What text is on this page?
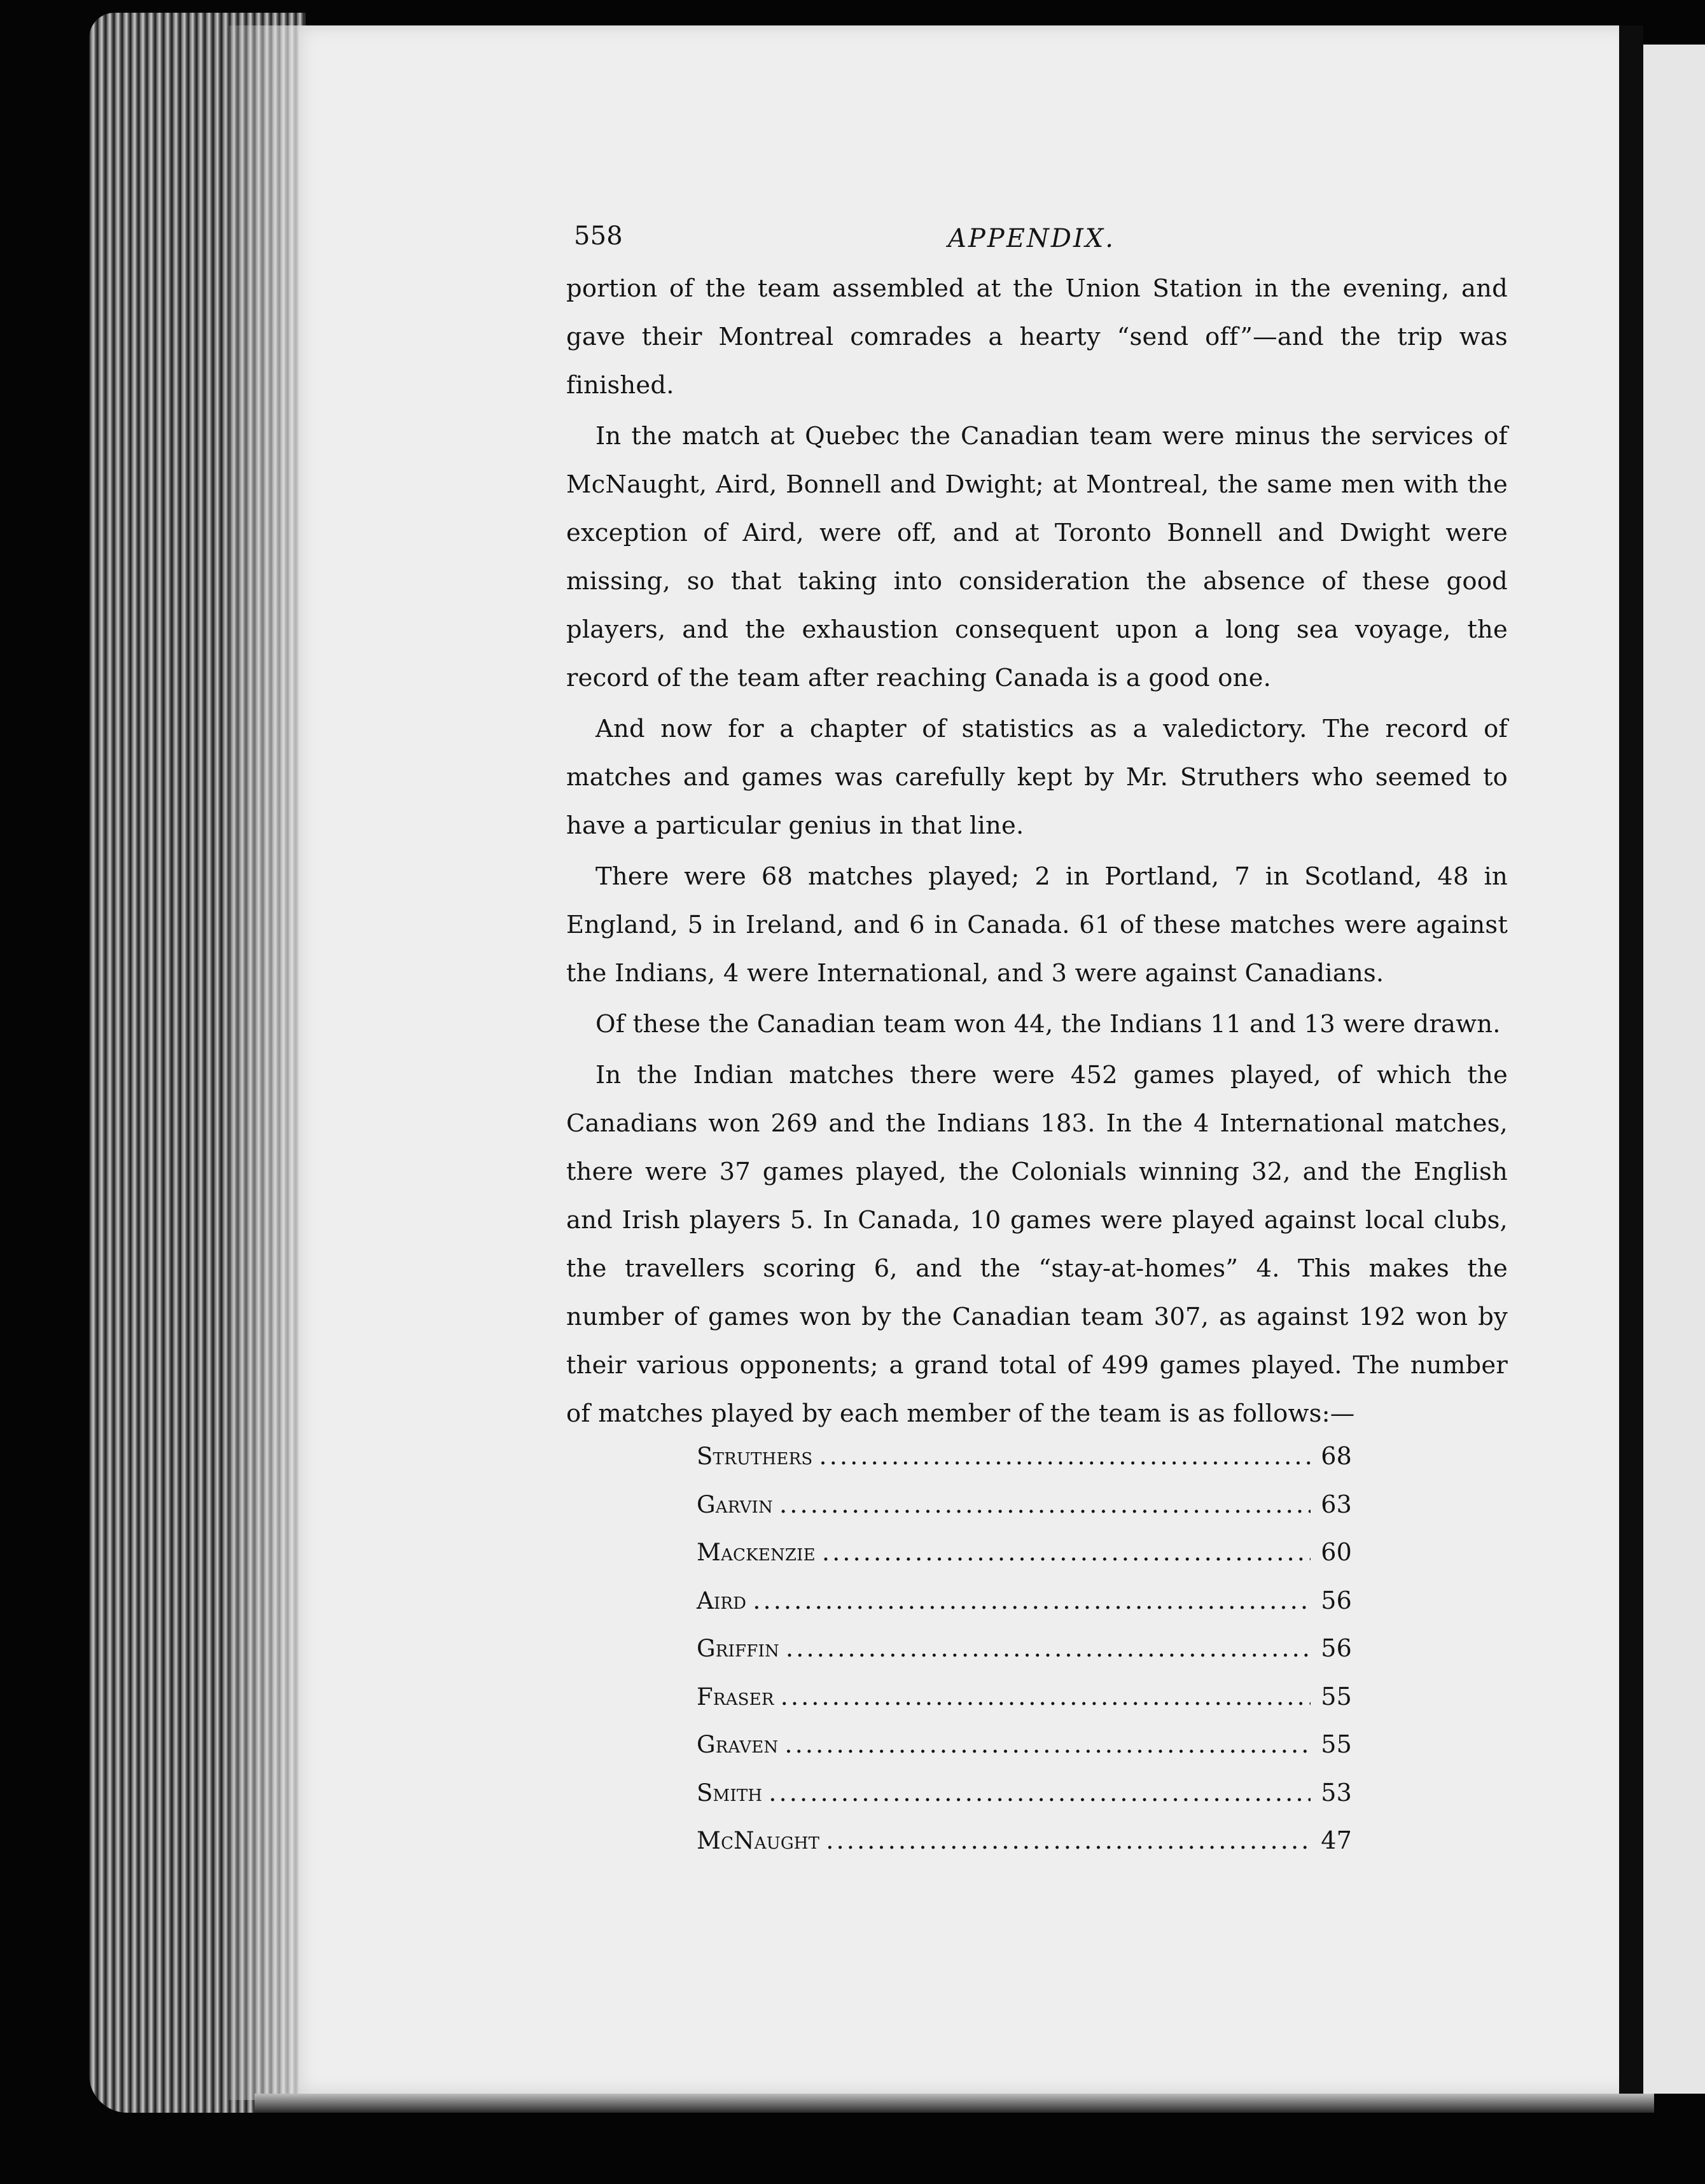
558	APPENDIX.

portion of the team assembled at the Union Station in the evening, and gave their Montreal comrades a hearty “send off”—and the trip was finished.

In the match at Quebec the Canadian team were minus the services of McNaught, Aird, Bonnell and Dwight; at Montreal, the same men with the exception of Aird, were off, and at Toronto Bonnell and Dwight were missing, so that taking into consideration the absence of these good players, and the exhaustion consequent upon a long sea voyage, the record of the team after reaching Canada is a good one.

And now for a chapter of statistics as a valedictory. The record of matches and games was carefully kept by Mr. Struthers who seemed to have a particular genius in that line.

There were 68 matches played; 2 in Portland, 7 in Scotland, 48 in England, 5 in Ireland, and 6 in Canada. 61 of these matches were against the Indians, 4 were International, and 3 were against Canadians.

Of these the Canadian team won 44, the Indians 11 and 13 were drawn.

In the Indian matches there were 452 games played, of which the Canadians won 269 and the Indians 183. In the 4 International matches, there were 37 games played, the Colonials winning 32, and the English and Irish players 5. In Canada, 10 games were played against local clubs, the travellers scoring 6, and the “stay-at-homes” 4. This makes the number of games won by the Canadian team 307, as against 192 won by their various opponents; a grand total of 499 games played. The number of matches played by each member of the team is as follows:—

Struthers .....	68
Garvin .....	63
Mackenzie .....	60
Aird .....	56
Griffin .....	56
Fraser .....	55
Graven .....	55
Smith .....	53
McNaught .....	47
